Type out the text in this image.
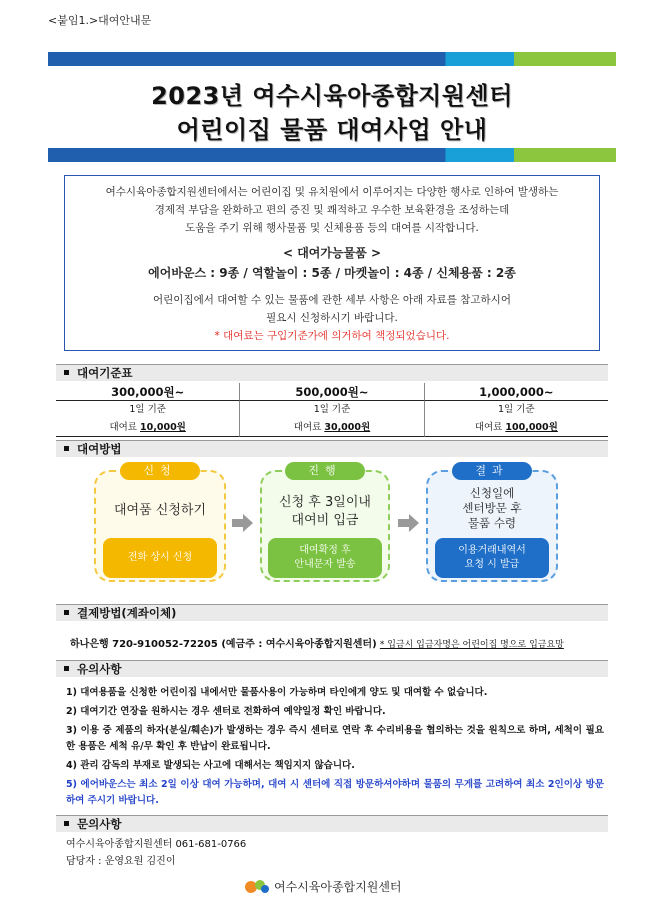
<붙임1.>대여안내문
2023년 여수시육아종합지원센터
어린이집 물품 대여사업 안내

여수시육아종합지원센터에서는 어린이집 및 유치원에서 이루어지는 다양한 행사로 인하여 발생하는

경제적 부담을 완화하고 편의 증진 및 쾌적하고 우수한 보육환경을 조성하는데

도움을 주기 위해 행사물품 및 신체용품 등의 대여를 시작합니다.

< 대여가능물품 >

에어바운스 : 9종 / 역할놀이 : 5종 / 마켓놀이 : 4종 / 신체용품 : 2종

어린이집에서 대여할 수 있는 물품에 관한 세부 사항은 아래 자료를 참고하시어

필요시 신청하시기 바랍니다.

* 대여료는 구입기준가에 의거하여 책정되었습니다.

대여기준표
300,000원~	500,000원~	1,000,000~
1일 기준	1일 기준	1일 기준
대여료 10,000원	대여료 30,000원	대여료 100,000원
대여방법
신청
대여품 신청하기
전화 상시 신청
진행
신청 후 3일이내
대여비 입금
대여확정 후
안내문자 발송
결과
신청일에
센터방문 후
물품 수령
이용거래내역서
요청 시 발급
결제방법(계좌이체)
하나은행 720-910052-72205 (예금주 : 여수시육아종합지원센터) * 입금시 입금자명은 어린이집 명으로 입금요망
유의사항
1) 대여용품을 신청한 어린이집 내에서만 물품사용이 가능하며 타인에게 양도 및 대여할 수 없습니다.
2) 대여기간 연장을 원하시는 경우 센터로 전화하여 예약일정 확인 바랍니다.
3) 이용 중 제품의 하자(분실/훼손)가 발생하는 경우 즉시 센터로 연락 후 수리비용을 협의하는 것을 원칙으로 하며, 세척이 필요한 용품은 세척 유/무 확인 후 반납이 완료됩니다.
4) 관리 감독의 부재로 발생되는 사고에 대해서는 책임지지 않습니다.
5) 에어바운스는 최소 2일 이상 대여 가능하며, 대여 시 센터에 직접 방문하셔야하며 물품의 무게를 고려하여 최소 2인이상 방문하여 주시기 바랍니다.
문의사항
여수시육아종합지원센터 061-681-0766
담당자 : 운영요원 김진이
여수시육아종합지원센터
